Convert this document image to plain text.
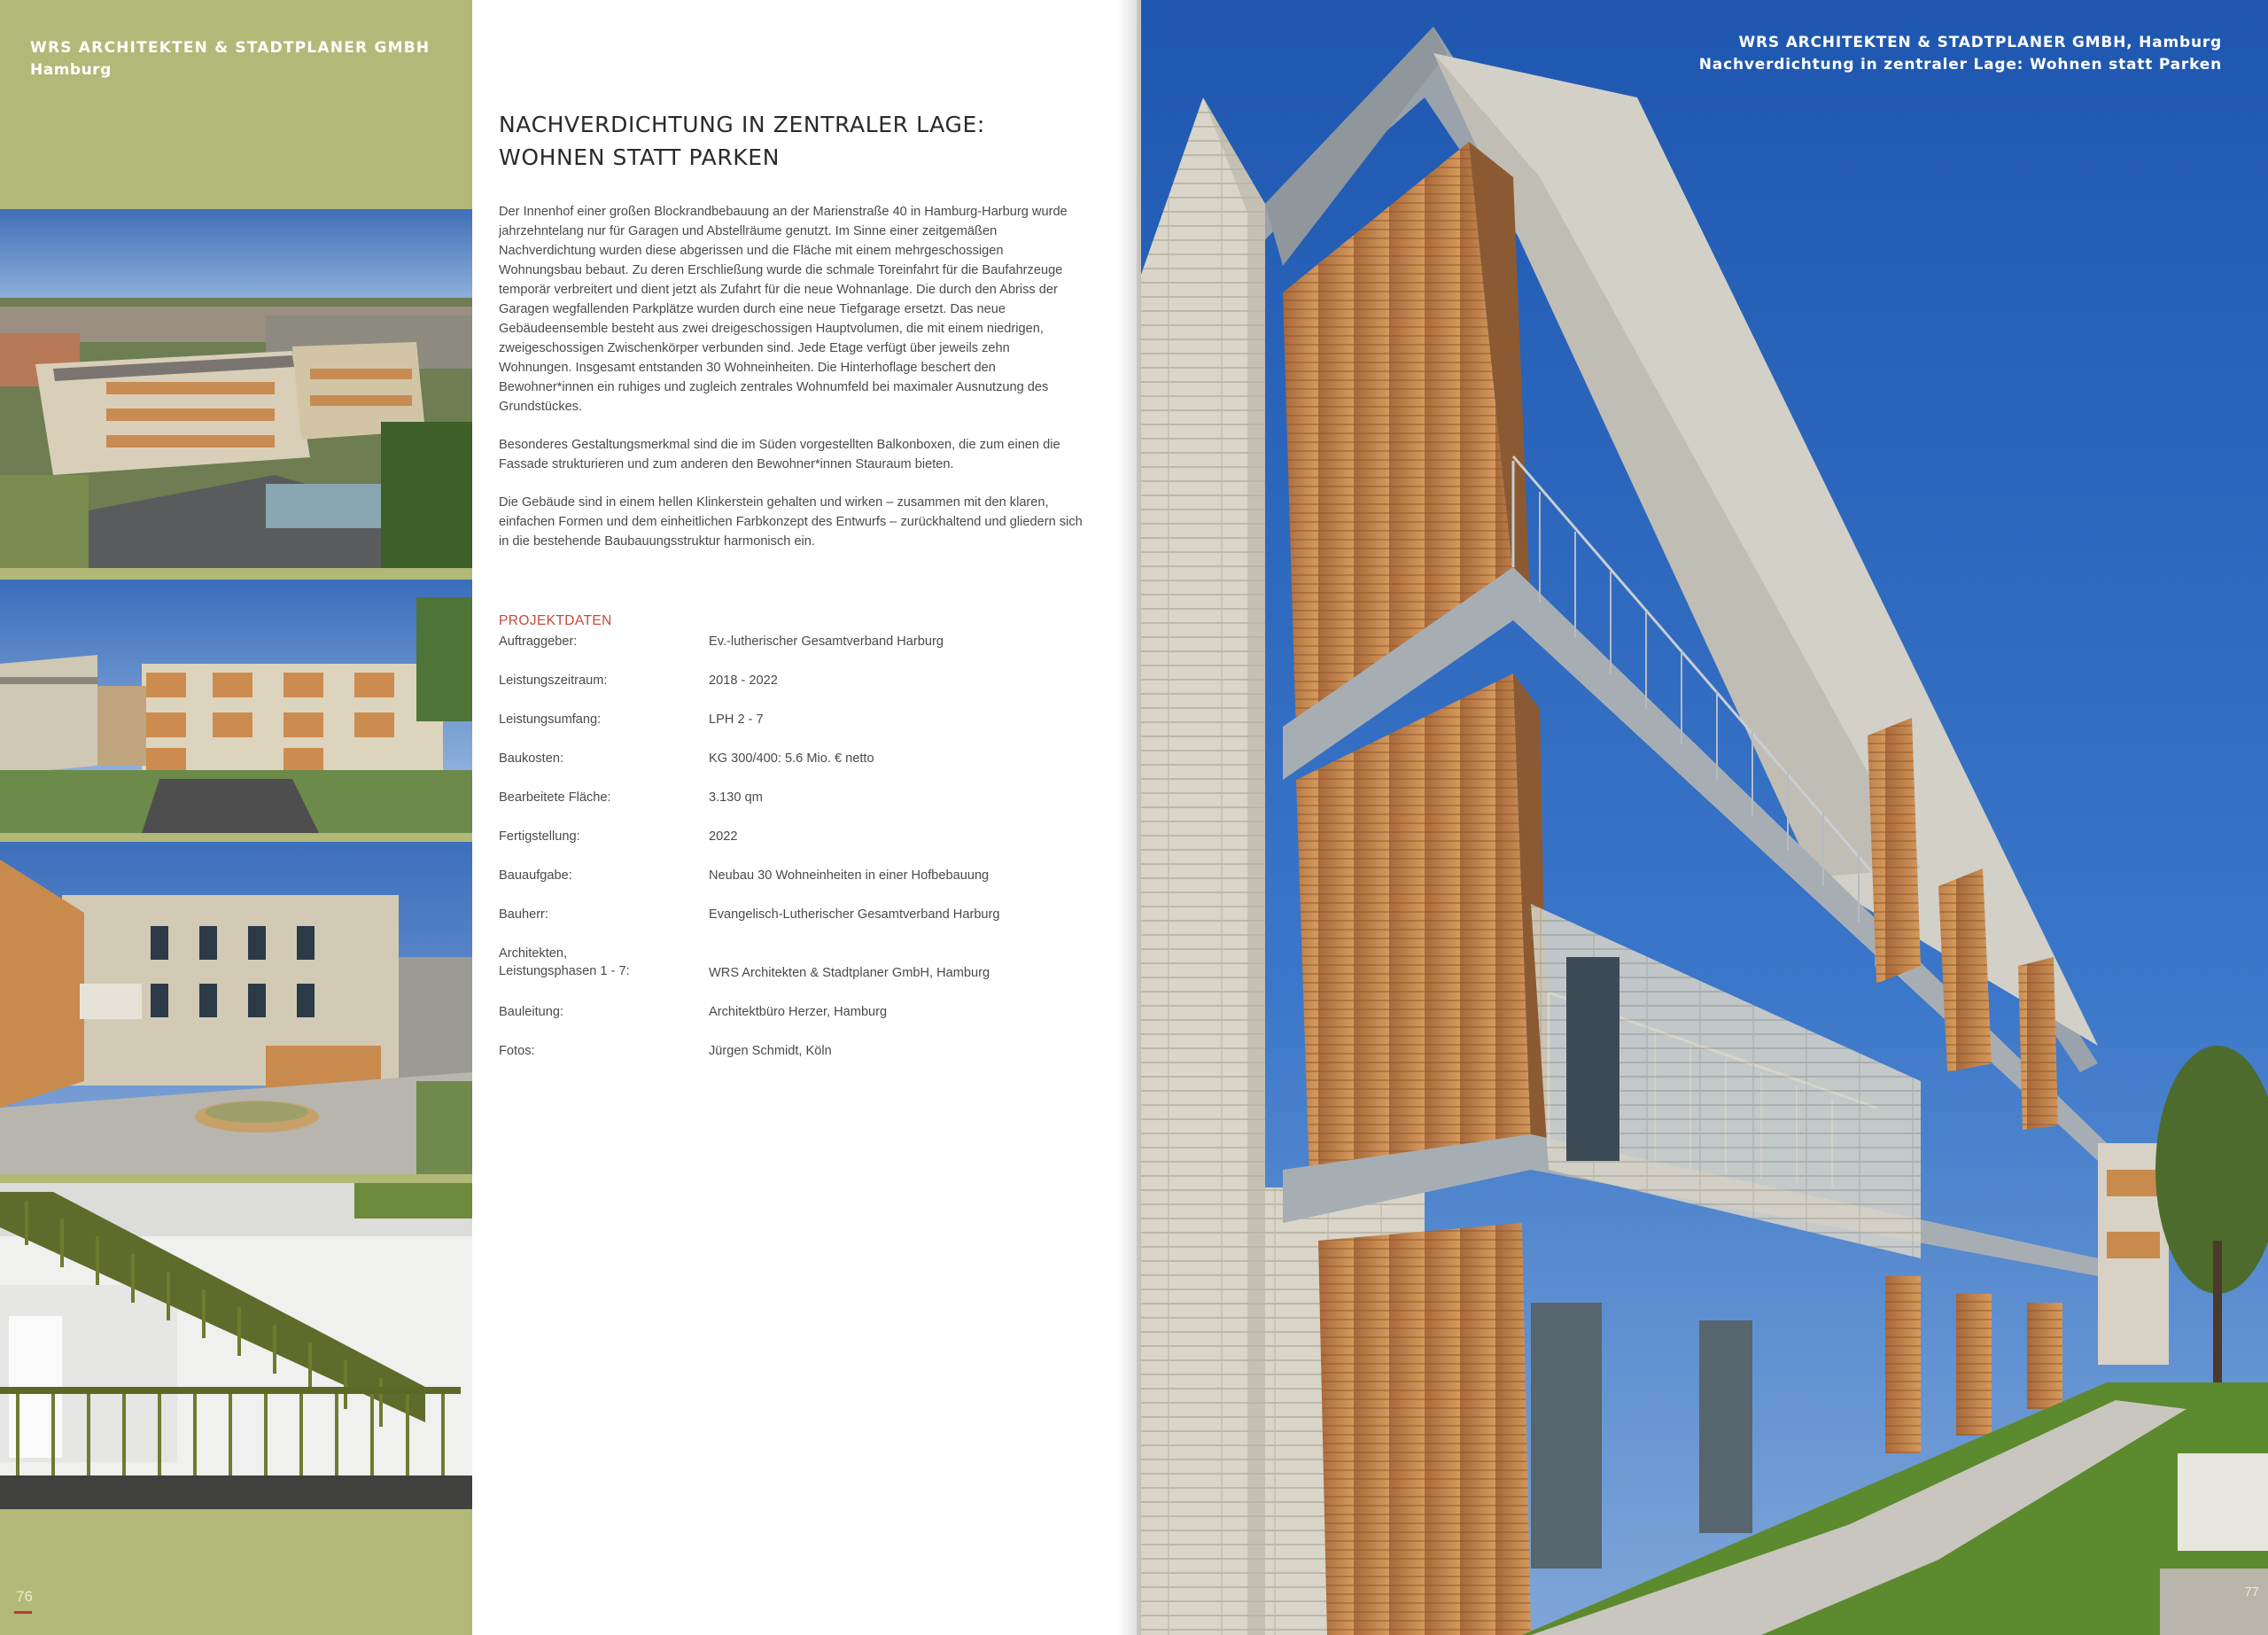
WRS ARCHITEKTEN & STADTPLANER GMBH
Hamburg
76
NACHVERDICHTUNG IN ZENTRALER LAGE:
WOHNEN STATT PARKEN

Der Innenhof einer großen Blockrandbebauung an der Marienstraße 40 in Hamburg-Harburg wurde jahrzehntelang nur für Garagen und Abstellräume genutzt. Im Sinne einer zeitgemäßen Nachverdichtung wurden diese abgerissen und die Fläche mit einem mehrgeschossigen Wohnungsbau bebaut. Zu deren Erschließung wurde die schmale Toreinfahrt für die Baufahrzeuge temporär verbreitert und dient jetzt als Zufahrt für die neue Wohnanlage. Die durch den Abriss der Garagen wegfallenden Parkplätze wurden durch eine neue Tiefgarage ersetzt. Das neue Gebäudeensemble besteht aus zwei dreigeschossigen Hauptvolumen, die mit einem niedrigen, zweigeschossigen Zwischenkörper verbunden sind. Jede Etage verfügt über jeweils zehn Wohnungen. Insgesamt entstanden 30 Wohneinheiten. Die Hinterhoflage beschert den Bewohner*innen ein ruhiges und zugleich zentrales Wohnumfeld bei maximaler Ausnutzung des Grundstückes.

Besonderes Gestaltungsmerkmal sind die im Süden vorgestellten Balkonboxen, die zum einen die Fassade strukturieren und zum anderen den Bewohner*innen Stauraum bieten.

Die Gebäude sind in einem hellen Klinkerstein gehalten und wirken – zusammen mit den klaren, einfachen Formen und dem einheitlichen Farbkonzept des Entwurfs – zurückhaltend und gliedern sich in die bestehende Baubauungsstruktur harmonisch ein.

PROJEKTDATEN
Auftraggeber:	Ev.-lutherischer Gesamtverband Harburg
Leistungszeitraum:	2018 - 2022
Leistungsumfang:	LPH 2 - 7
Baukosten:	KG 300/400: 5.6 Mio. € netto
Bearbeitete Fläche:	3.130 qm
Fertigstellung:	2022
Bauaufgabe:	Neubau 30 Wohneinheiten in einer Hofbebauung
Bauherr:	Evangelisch-Lutherischer Gesamtverband Harburg
Architekten,
Leistungsphasen 1 - 7:	WRS Architekten & Stadtplaner GmbH, Hamburg
Bauleitung:	Architektbüro Herzer, Hamburg
Fotos:	Jürgen Schmidt, Köln
WRS ARCHITEKTEN & STADTPLANER GMBH, Hamburg
Nachverdichtung in zentraler Lage: Wohnen statt Parken
77
